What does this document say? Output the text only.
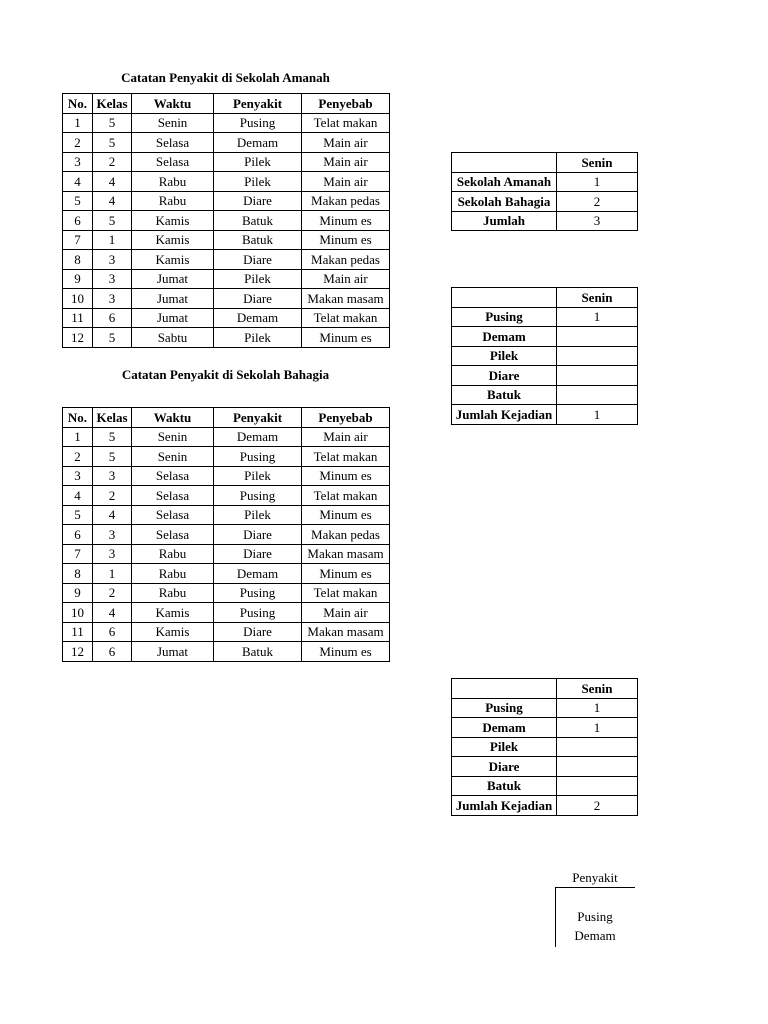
Catatan Penyakit di Sekolah Amanah
No.	Kelas	Waktu	Penyakit	Penyebab
1	5	Senin	Pusing	Telat makan
2	5	Selasa	Demam	Main air
3	2	Selasa	Pilek	Main air
4	4	Rabu	Pilek	Main air
5	4	Rabu	Diare	Makan pedas
6	5	Kamis	Batuk	Minum es
7	1	Kamis	Batuk	Minum es
8	3	Kamis	Diare	Makan pedas
9	3	Jumat	Pilek	Main air
10	3	Jumat	Diare	Makan masam
11	6	Jumat	Demam	Telat makan
12	5	Sabtu	Pilek	Minum es
Catatan Penyakit di Sekolah Bahagia
No.	Kelas	Waktu	Penyakit	Penyebab
1	5	Senin	Demam	Main air
2	5	Senin	Pusing	Telat makan
3	3	Selasa	Pilek	Minum es
4	2	Selasa	Pusing	Telat makan
5	4	Selasa	Pilek	Minum es
6	3	Selasa	Diare	Makan pedas
7	3	Rabu	Diare	Makan masam
8	1	Rabu	Demam	Minum es
9	2	Rabu	Pusing	Telat makan
10	4	Kamis	Pusing	Main air
11	6	Kamis	Diare	Makan masam
12	6	Jumat	Batuk	Minum es
	Senin
Sekolah Amanah	1
Sekolah Bahagia	2
Jumlah	3
	Senin
Pusing	1
Demam	
Pilek	
Diare	
Batuk	
Jumlah Kejadian	1
	Senin
Pusing	1
Demam	1
Pilek	
Diare	
Batuk	
Jumlah Kejadian	2
Penyakit
Pusing
Demam
